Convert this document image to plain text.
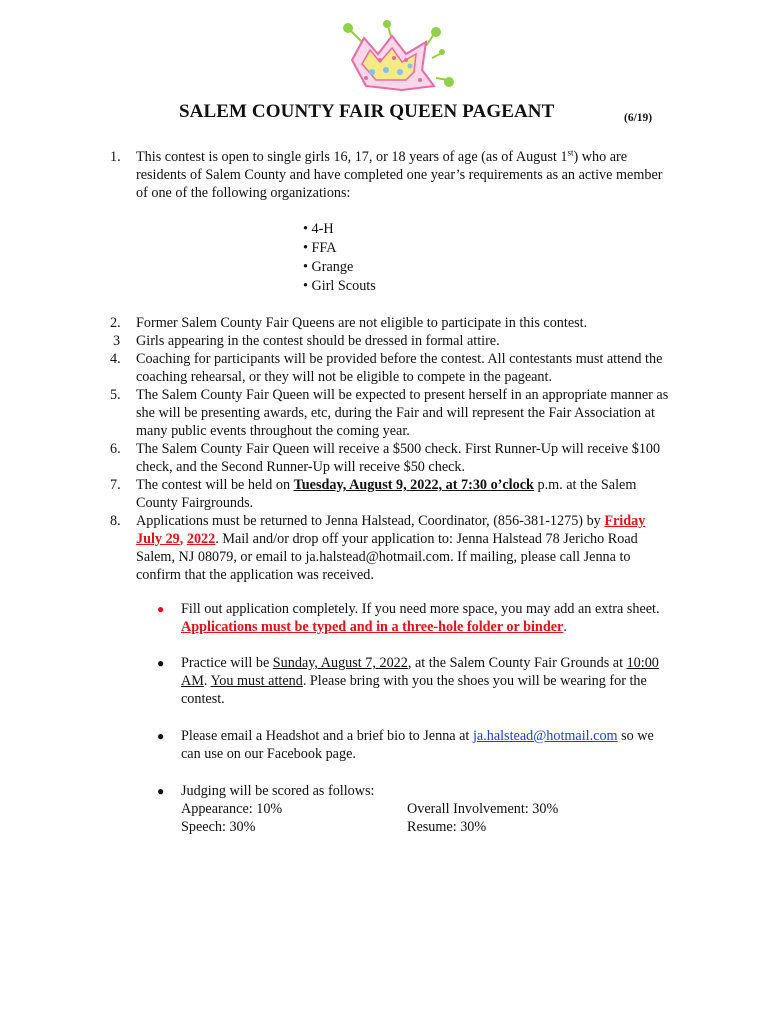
SALEM COUNTY FAIR QUEEN PAGEANT	(6/19)
1. This contest is open to single girls 16, 17, or 18 years of age (as of August 1st) who are residents of Salem County and have completed one year’s requirements as an active member of one of the following organizations:
• 4-H
• FFA
• Grange
• Girl Scouts
2. Former Salem County Fair Queens are not eligible to participate in this contest.
3 Girls appearing in the contest should be dressed in formal attire.
4. Coaching for participants will be provided before the contest. All contestants must attend the coaching rehearsal, or they will not be eligible to compete in the pageant.
5. The Salem County Fair Queen will be expected to present herself in an appropriate manner as she will be presenting awards, etc, during the Fair and will represent the Fair Association at many public events throughout the coming year.
6. The Salem County Fair Queen will receive a $500 check. First Runner-Up will receive $100 check, and the Second Runner-Up will receive $50 check.
7. The contest will be held on Tuesday, August 9, 2022, at 7:30 o’clock p.m. at the Salem County Fairgrounds.
8. Applications must be returned to Jenna Halstead, Coordinator, (856-381-1275) by Friday July 29, 2022. Mail and/or drop off your application to: Jenna Halstead 78 Jericho Road Salem, NJ 08079, or email to ja.halstead@hotmail.com. If mailing, please call Jenna to confirm that the application was received.
● Fill out application completely. If you need more space, you may add an extra sheet. Applications must be typed and in a three-hole folder or binder.
● Practice will be Sunday, August 7, 2022, at the Salem County Fair Grounds at 10:00 AM. You must attend. Please bring with you the shoes you will be wearing for the contest.
● Please email a Headshot and a brief bio to Jenna at ja.halstead@hotmail.com so we can use on our Facebook page.
● Judging will be scored as follows:
Appearance: 10%	Overall Involvement: 30%
Speech: 30%	Resume: 30%
